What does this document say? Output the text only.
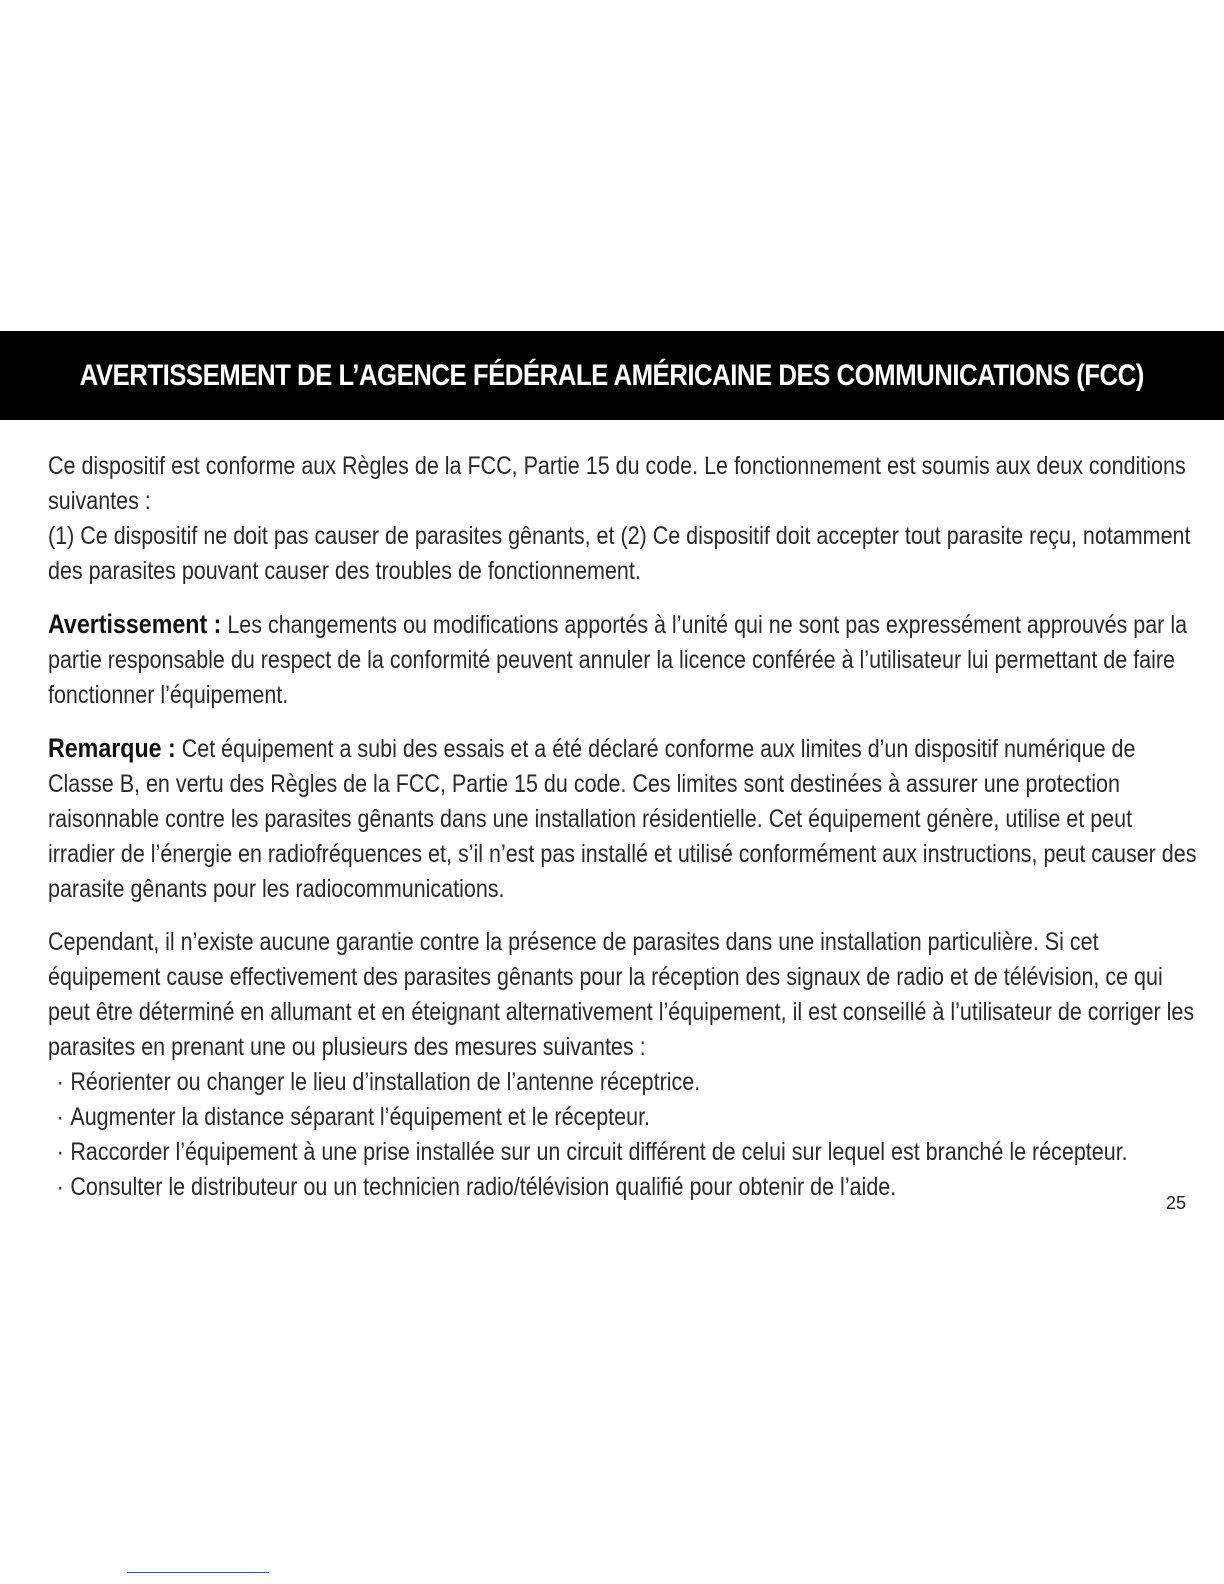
AVERTISSEMENT DE L’AGENCE FÉDÉRALE AMÉRICAINE DES COMMUNICATIONS (FCC)

Ce dispositif est conforme aux Règles de la FCC, Partie 15 du code. Le fonctionnement est soumis aux deux conditions suivantes :

(1) Ce dispositif ne doit pas causer de parasites gênants, et (2) Ce dispositif doit accepter tout parasite reçu, notamment des parasites pouvant causer des troubles de fonctionnement.

Avertissement : Les changements ou modifications apportés à l’unité qui ne sont pas expressément approuvés par la partie responsable du respect de la conformité peuvent annuler la licence conférée à l’utilisateur lui permettant de faire fonctionner l’équipement.

Remarque : Cet équipement a subi des essais et a été déclaré conforme aux limites d’un dispositif numérique de Classe B, en vertu des Règles de la FCC, Partie 15 du code. Ces limites sont destinées à assurer une protection raisonnable contre les parasites gênants dans une installation résidentielle. Cet équipement génère, utilise et peut irradier de l’énergie en radiofréquences et, s’il n’est pas installé et utilisé conformément aux instructions, peut causer des parasite gênants pour les radiocommunications.

Cependant, il n’existe aucune garantie contre la présence de parasites dans une installation particulière. Si cet équipement cause effectivement des parasites gênants pour la réception des signaux de radio et de télévision, ce qui peut être déterminé en allumant et en éteignant alternativement l’équipement, il est conseillé à l’utilisateur de corriger les parasites en prenant une ou plusieurs des mesures suivantes :

· Réorienter ou changer le lieu d’installation de l’antenne réceptrice.
· Augmenter la distance séparant l’équipement et le récepteur.
· Raccorder l’équipement à une prise installée sur un circuit différent de celui sur lequel est branché le récepteur.
· Consulter le distributeur ou un technicien radio/télévision qualifié pour obtenir de l’aide.
25
